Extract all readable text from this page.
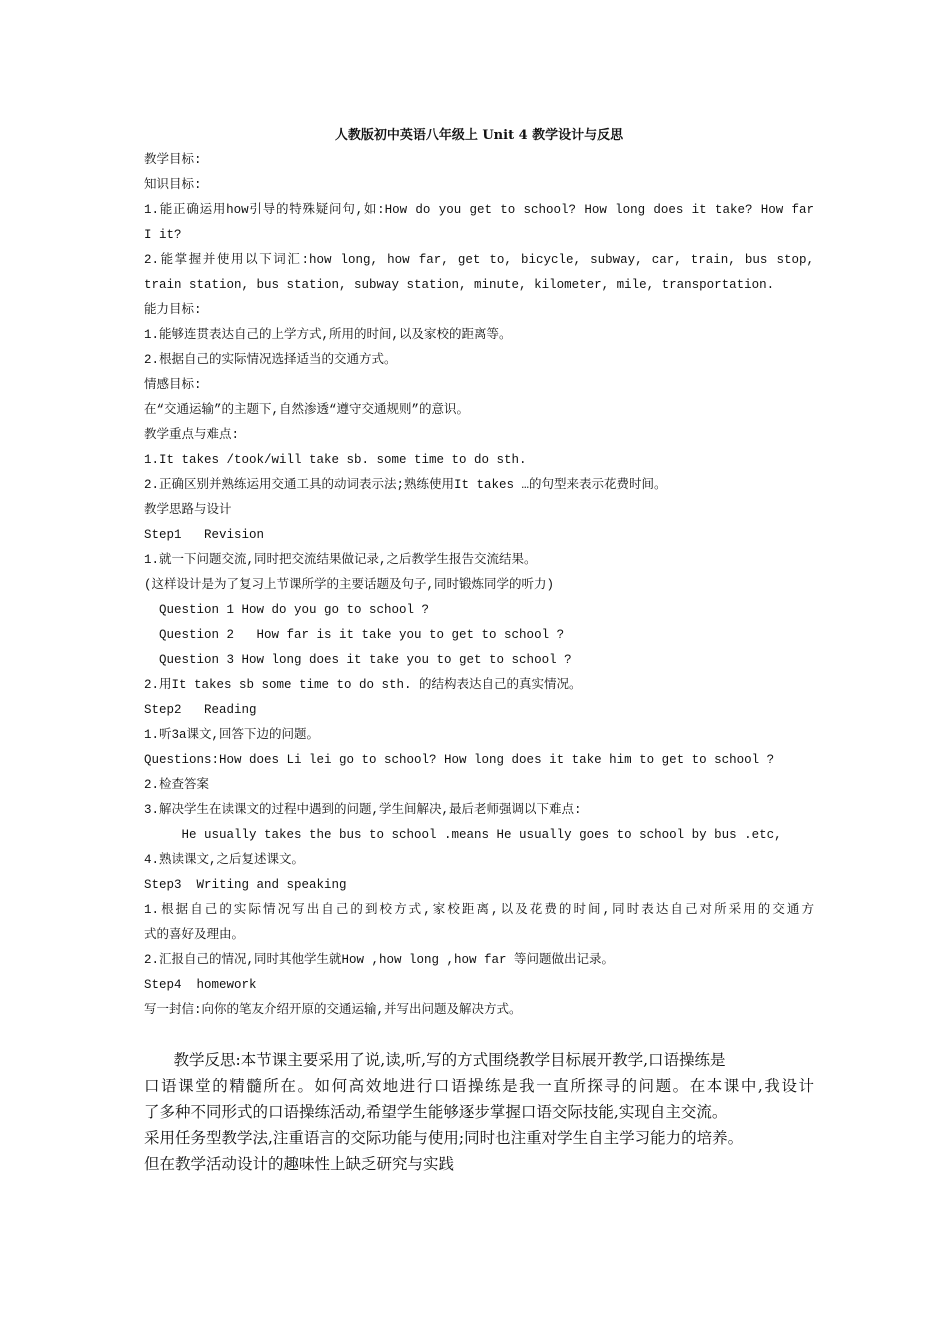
人教版初中英语八年级上 Unit 4 教学设计与反思
教学目标:
知识目标:
1.能正确运用how引导的特殊疑问句,如:How do you get to school? How long does it take? How far
I it?
2.能掌握并使用以下词汇:how long, how far, get to, bicycle, subway, car, train, bus stop,
train station, bus station, subway station, minute, kilometer, mile, transportation.
能力目标:
1.能够连贯表达自己的上学方式,所用的时间,以及家校的距离等。
2.根据自己的实际情况选择适当的交通方式。
情感目标:
在“交通运输”的主题下,自然渗透“遵守交通规则”的意识。
教学重点与难点:
1.It takes /took/will take sb. some time to do sth.
2.正确区别并熟练运用交通工具的动词表示法;熟练使用It takes …的句型来表示花费时间。
教学思路与设计
Step1   Revision
1.就一下问题交流,同时把交流结果做记录,之后教学生报告交流结果。
(这样设计是为了复习上节课所学的主要话题及句子,同时锻炼同学的听力)
Question 1 How do you go to school ?
Question 2   How far is it take you to get to school ?
Question 3 How long does it take you to get to school ?
2.用It takes sb some time to do sth. 的结构表达自己的真实情况。
Step2   Reading
1.听3a课文,回答下边的问题。
Questions:How does Li lei go to school? How long does it take him to get to school ?
2.检查答案
3.解决学生在读课文的过程中遇到的问题,学生间解决,最后老师强调以下难点:
He usually takes the bus to school .means He usually goes to school by bus .etc,
4.熟读课文,之后复述课文。
Step3  Writing and speaking
1.根据自己的实际情况写出自己的到校方式,家校距离,以及花费的时间,同时表达自己对所采用的交通方
式的喜好及理由。
2.汇报自己的情况,同时其他学生就How ,how long ,how far 等问题做出记录。
Step4  homework
写一封信:向你的笔友介绍开原的交通运输,并写出问题及解决方式。
教学反思:本节课主要采用了说,读,听,写的方式围绕教学目标展开教学,口语操练是
口语课堂的精髓所在。如何高效地进行口语操练是我一直所探寻的问题。在本课中,我设计
了多种不同形式的口语操练活动,希望学生能够逐步掌握口语交际技能,实现自主交流。
采用任务型教学法,注重语言的交际功能与使用;同时也注重对学生自主学习能力的培养。
但在教学活动设计的趣味性上缺乏研究与实践
